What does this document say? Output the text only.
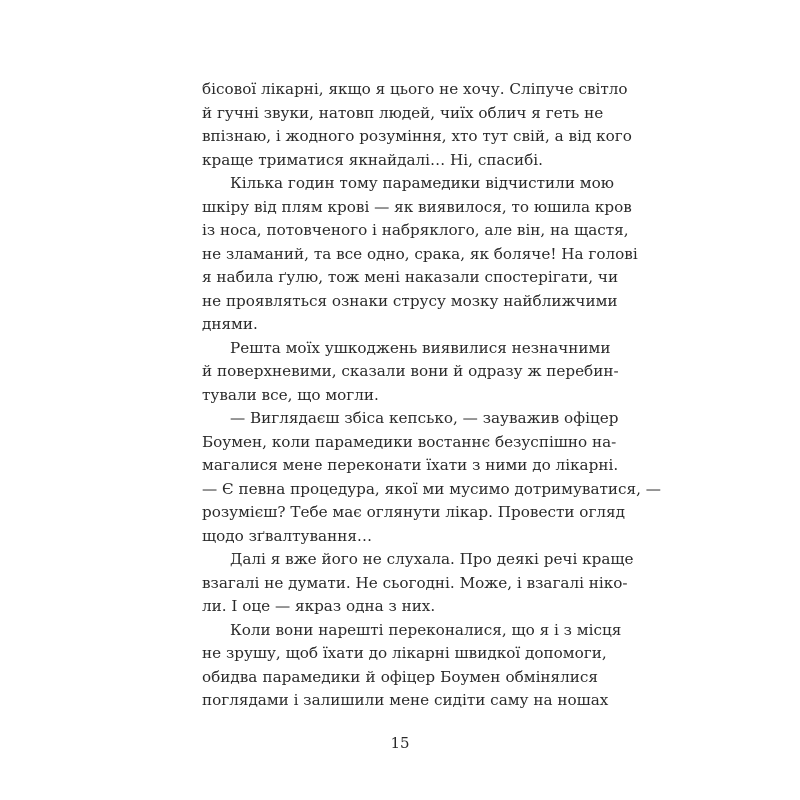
бісової лікарні, якщо я цього не хочу. Сліпуче світло
й гучні звуки, натовп людей, чиїх облич я геть не
впізнаю, і жодного розуміння, хто тут свій, а від кого
краще триматися якнайдалі… Ні, спасибі.
Кілька годин тому парамедики відчистили мою
шкіру від плям крові — як виявилося, то юшила кров
із носа, потовченого і набряклого, але він, на щастя,
не зламаний, та все одно, срака, як боляче! На голові
я набила ґулю, тож мені наказали спостерігати, чи
не проявляться ознаки струсу мозку найближчими
днями.
Решта моїх ушкоджень виявилися незначними
й поверхневими, сказали вони й одразу ж перебин-
тували все, що могли.
— Виглядаєш збіса кепсько, — зауважив офіцер
Боумен, коли парамедики востаннє безуспішно на-
магалися мене переконати їхати з ними до лікарні.
— Є певна процедура, якої ми мусимо дотримуватися, —
розумієш? Тебе має оглянути лікар. Провести огляд
щодо зґвалтування…
Далі я вже його не слухала. Про деякі речі краще
взагалі не думати. Не сьогодні. Може, і взагалі ніко-
ли. І оце — якраз одна з них.
Коли вони нарешті переконалися, що я і з місця
не зрушу, щоб їхати до лікарні швидкої допомоги,
обидва парамедики й офіцер Боумен обмінялися
поглядами і залишили мене сидіти саму на ношах
15
